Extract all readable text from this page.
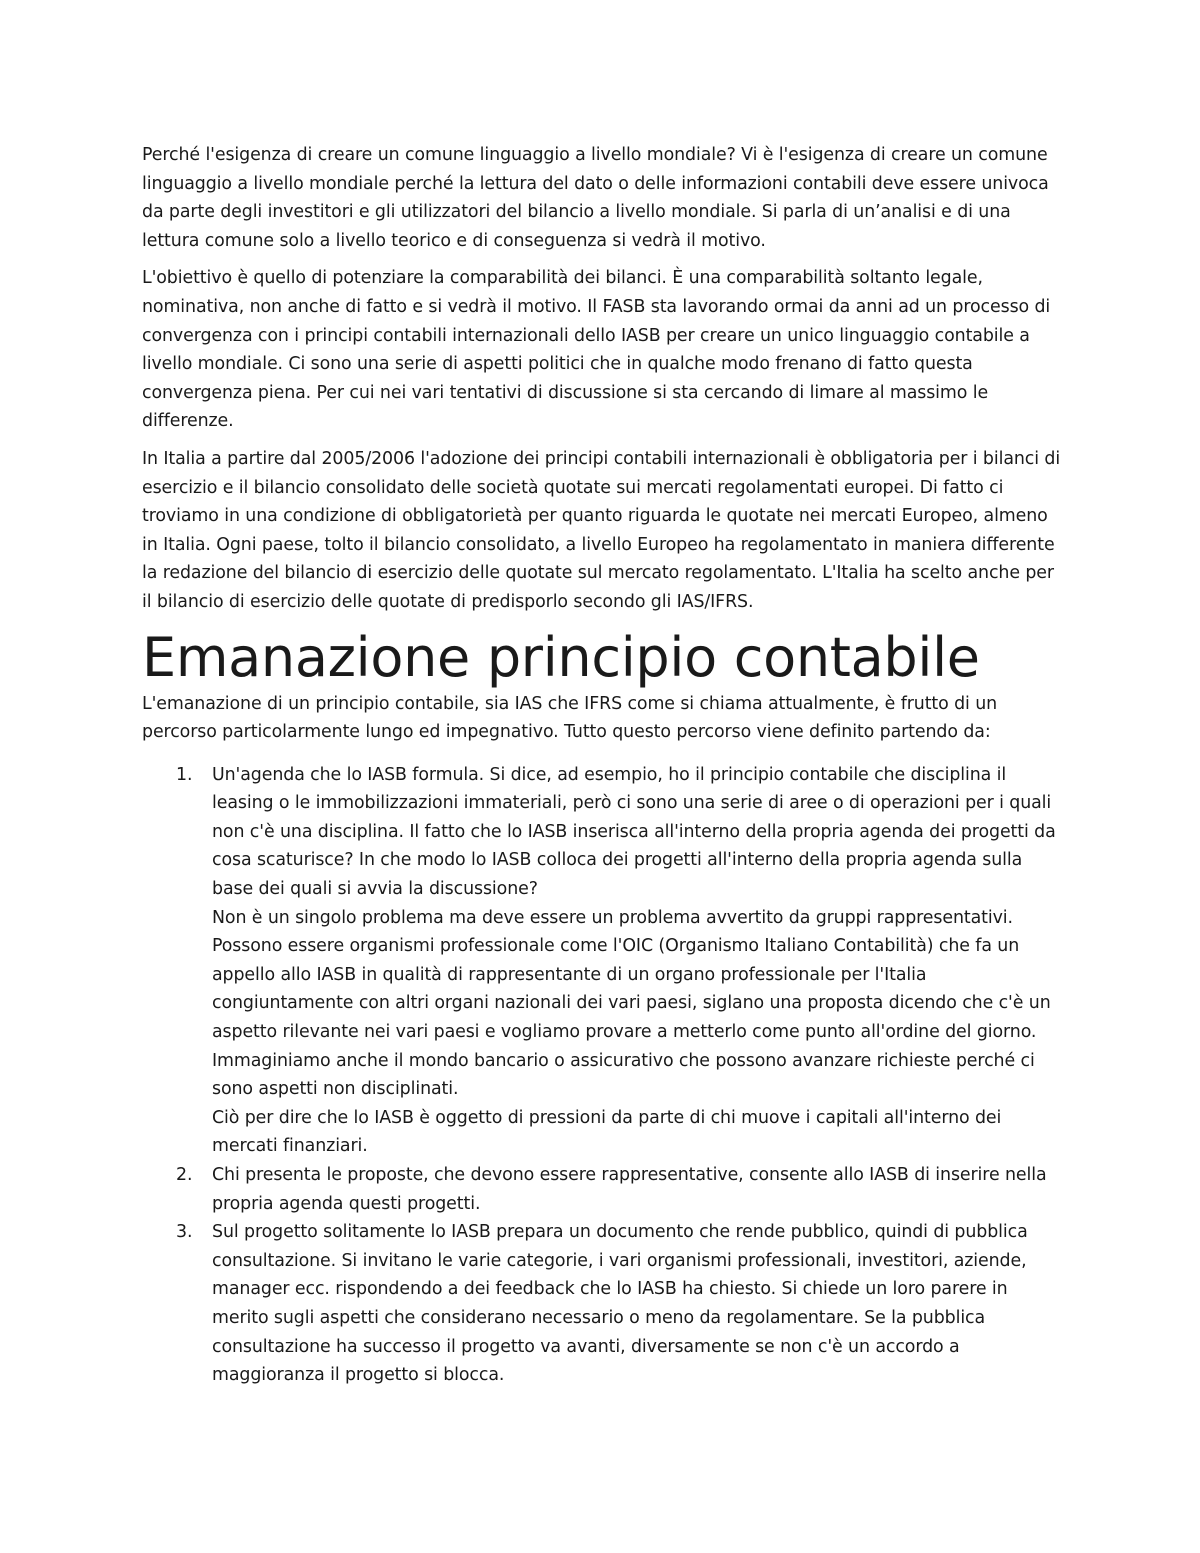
Perché l'esigenza di creare un comune linguaggio a livello mondiale? Vi è l'esigenza di creare un comune linguaggio a livello mondiale perché la lettura del dato o delle informazioni contabili deve essere univoca da parte degli investitori e gli utilizzatori del bilancio a livello mondiale. Si parla di un’analisi e di una lettura comune solo a livello teorico e di conseguenza si vedrà il motivo.

L'obiettivo è quello di potenziare la comparabilità dei bilanci. È una comparabilità soltanto legale, nominativa, non anche di fatto e si vedrà il motivo. Il FASB sta lavorando ormai da anni ad un processo di convergenza con i principi contabili internazionali dello IASB per creare un unico linguaggio contabile a livello mondiale. Ci sono una serie di aspetti politici che in qualche modo frenano di fatto questa convergenza piena. Per cui nei vari tentativi di discussione si sta cercando di limare al massimo le differenze.

In Italia a partire dal 2005/2006 l'adozione dei principi contabili internazionali è obbligatoria per i bilanci di esercizio e il bilancio consolidato delle società quotate sui mercati regolamentati europei. Di fatto ci troviamo in una condizione di obbligatorietà per quanto riguarda le quotate nei mercati Europeo, almeno in Italia. Ogni paese, tolto il bilancio consolidato, a livello Europeo ha regolamentato in maniera differente la redazione del bilancio di esercizio delle quotate sul mercato regolamentato. L'Italia ha scelto anche per il bilancio di esercizio delle quotate di predisporlo secondo gli IAS/IFRS.

Emanazione principio contabile

L'emanazione di un principio contabile, sia IAS che IFRS come si chiama attualmente, è frutto di un percorso particolarmente lungo ed impegnativo. Tutto questo percorso viene definito partendo da:

1. Un'agenda che lo IASB formula. Si dice, ad esempio, ho il principio contabile che disciplina il leasing o le immobilizzazioni immateriali, però ci sono una serie di aree o di operazioni per i quali non c'è una disciplina. Il fatto che lo IASB inserisca all'interno della propria agenda dei progetti da cosa scaturisce? In che modo lo IASB colloca dei progetti all'interno della propria agenda sulla base dei quali si avvia la discussione?

Non è un singolo problema ma deve essere un problema avvertito da gruppi rappresentativi. Possono essere organismi professionale come l'OIC (Organismo Italiano Contabilità) che fa un appello allo IASB in qualità di rappresentante di un organo professionale per l'Italia congiuntamente con altri organi nazionali dei vari paesi, siglano una proposta dicendo che c'è un aspetto rilevante nei vari paesi e vogliamo provare a metterlo come punto all'ordine del giorno. Immaginiamo anche il mondo bancario o assicurativo che possono avanzare richieste perché ci sono aspetti non disciplinati.

Ciò per dire che lo IASB è oggetto di pressioni da parte di chi muove i capitali all'interno dei mercati finanziari.

2. Chi presenta le proposte, che devono essere rappresentative, consente allo IASB di inserire nella propria agenda questi progetti.

3. Sul progetto solitamente lo IASB prepara un documento che rende pubblico, quindi di pubblica consultazione. Si invitano le varie categorie, i vari organismi professionali, investitori, aziende, manager ecc. rispondendo a dei feedback che lo IASB ha chiesto. Si chiede un loro parere in merito sugli aspetti che considerano necessario o meno da regolamentare. Se la pubblica consultazione ha successo il progetto va avanti, diversamente se non c'è un accordo a maggioranza il progetto si blocca.
